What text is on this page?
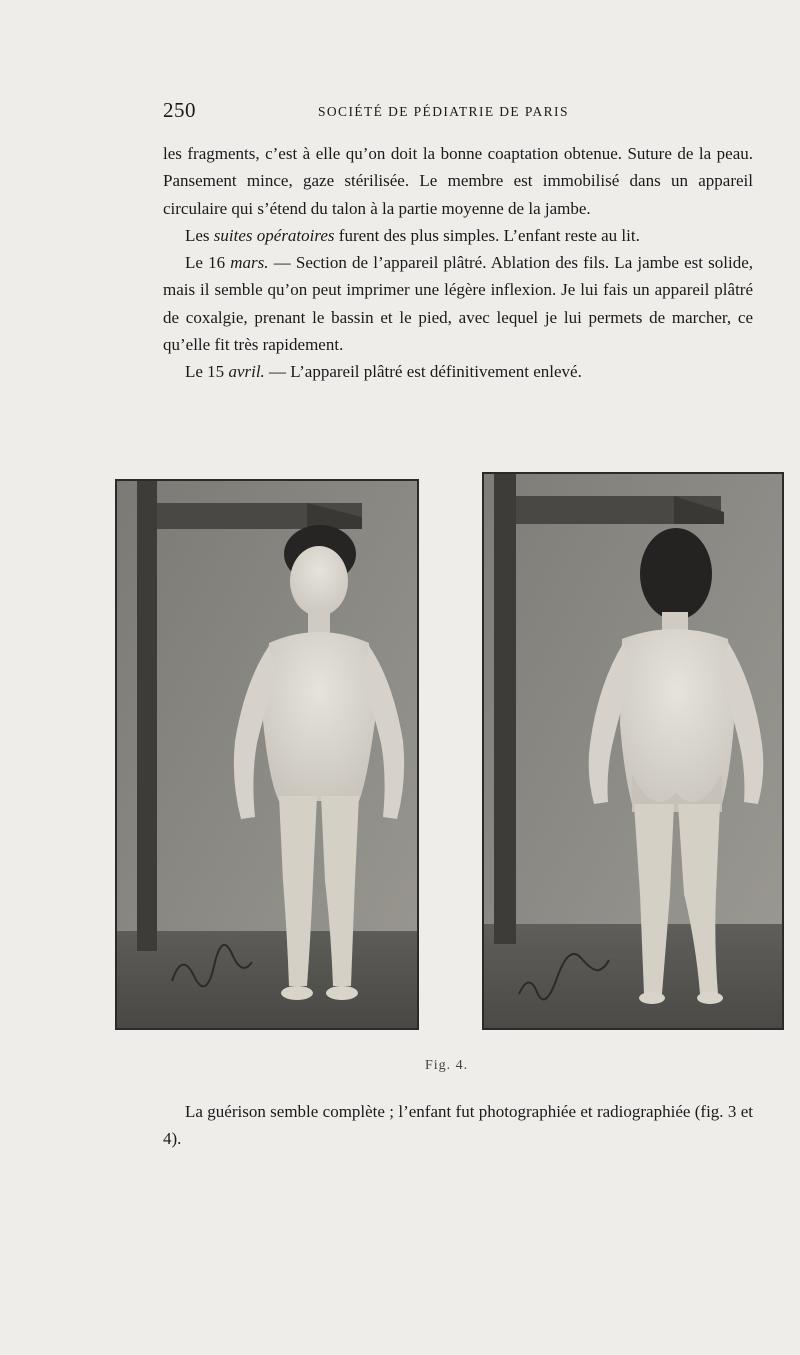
250	SOCIÉTÉ DE PÉDIATRIE DE PARIS

les fragments, c’est à elle qu’on doit la bonne coaptation obtenue. Suture de la peau. Pansement mince, gaze stérilisée. Le membre est immobilisé dans un appareil circulaire qui s’étend du talon à la partie moyenne de la jambe.

Les suites opératoires furent des plus simples. L’enfant reste au lit.

Le 16 mars. — Section de l’appareil plâtré. Ablation des fils. La jambe est solide, mais il semble qu’on peut imprimer une légère inflexion. Je lui fais un appareil plâtré de coxalgie, prenant le bassin et le pied, avec lequel je lui permets de marcher, ce qu’elle fit très rapidement.

Le 15 avril. — L’appareil plâtré est définitivement enlevé.

Fig. 4.

La guérison semble complète ; l’enfant fut photographiée et radiographiée (fig. 3 et 4).
